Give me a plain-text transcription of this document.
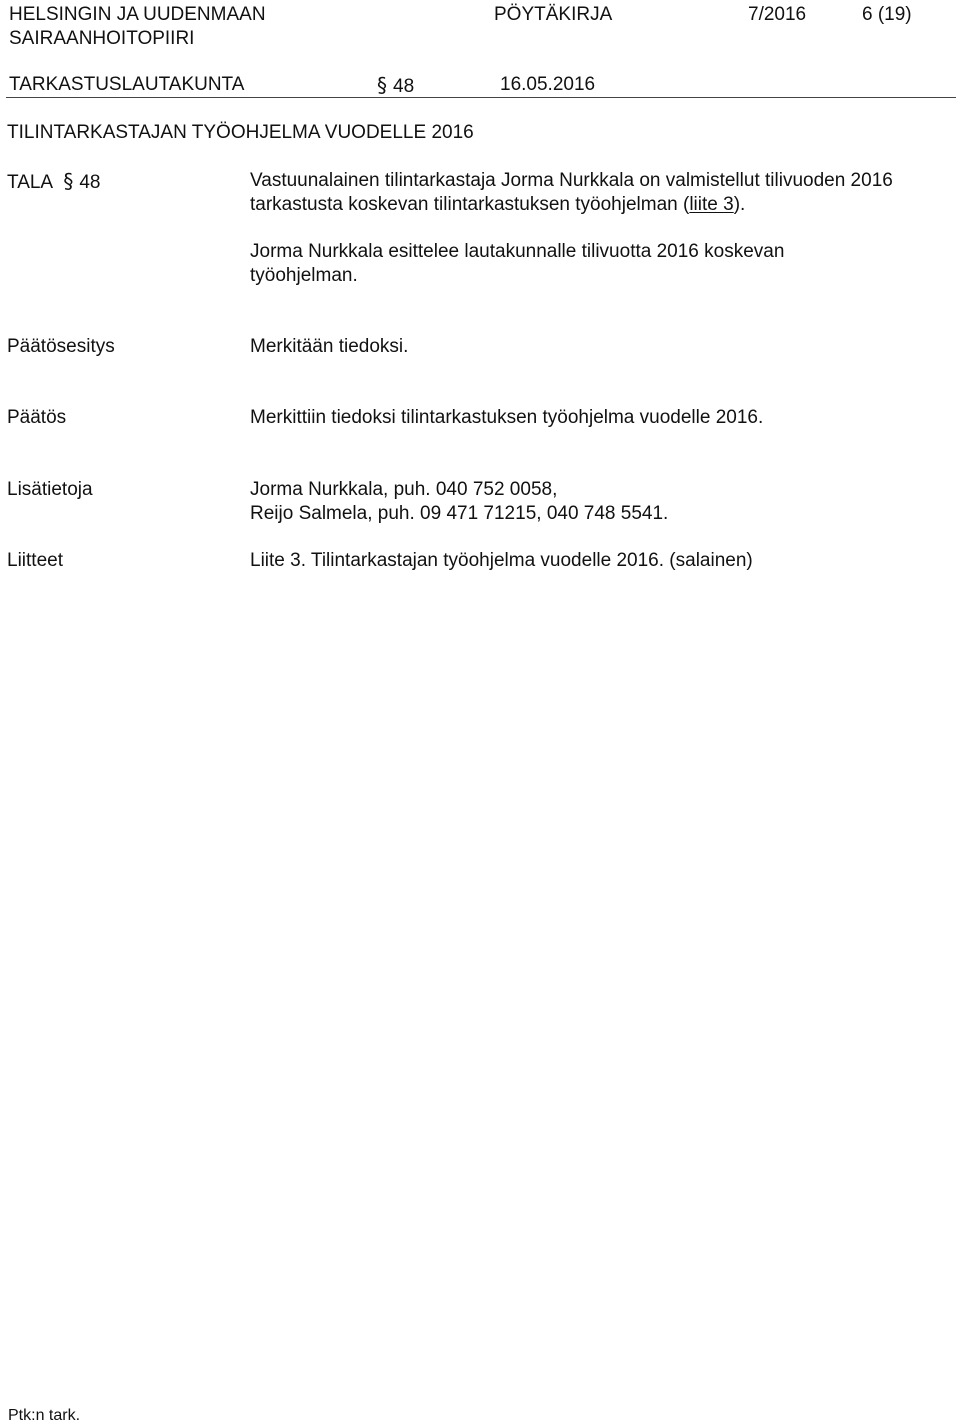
HELSINGIN JA UUDENMAAN
SAIRAANHOITOPIIRI
PÖYTÄKIRJA	7/2016	6 (19)
TARKASTUSLAUTAKUNTA	§ 48	16.05.2016
TILINTARKASTAJAN TYÖOHJELMA VUODELLE 2016
TALA § 48	Vastuunalainen tilintarkastaja Jorma Nurkkala on valmistellut tilivuoden 2016
tarkastusta koskevan tilintarkastuksen työohjelman (liite 3).
Jorma Nurkkala esittelee lautakunnalle tilivuotta 2016 koskevan
työohjelman.
Päätösesitys	Merkitään tiedoksi.
Päätös	Merkittiin tiedoksi tilintarkastuksen työohjelma vuodelle 2016.
Lisätietoja	Jorma Nurkkala, puh. 040 752 0058,
Reijo Salmela, puh. 09 471 71215, 040 748 5541.
Liitteet	Liite 3. Tilintarkastajan työohjelma vuodelle 2016. (salainen)
Ptk:n tark.
